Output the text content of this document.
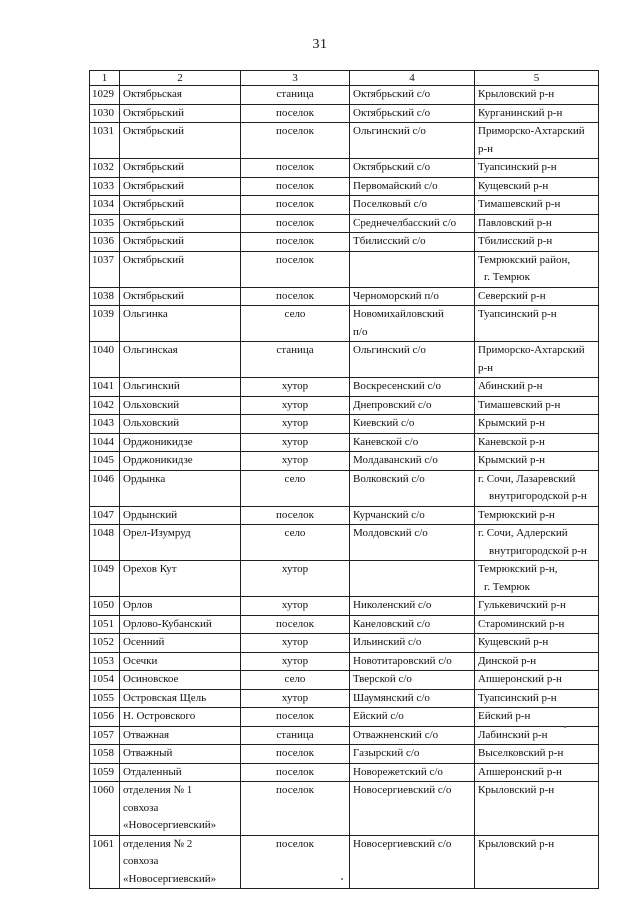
31
1	2	3	4	5
1029	Октябрьская	станица	Октябрьский с/о	Крыловский р-н
1030	Октябрьский	поселок	Октябрьский с/о	Курганинский р-н
1031	Октябрьский	поселок	Ольгинский с/о	Приморско-Ахтарский р-н
1032	Октябрьский	поселок	Октябрьский с/о	Туапсинский р-н
1033	Октябрьский	поселок	Первомайский с/о	Кущевский р-н
1034	Октябрьский	поселок	Поселковый с/о	Тимашевский р-н
1035	Октябрьский	поселок	Среднечелбасский с/о	Павловский р-н
1036	Октябрьский	поселок	Тбилисский с/о	Тбилисский р-н
1037	Октябрьский	поселок		Темрюкский район,
г. Темрюк

1038	Октябрьский	поселок	Черноморский п/о	Северский р-н
1039	Ольгинка	село	Новомихайловский
п/о	Туапсинский р-н
1040	Ольгинская	станица	Ольгинский с/о	Приморско-Ахтарский р-н
1041	Ольгинский	хутор	Воскресенский с/о	Абинский р-н
1042	Ольховский	хутор	Днепровский с/о	Тимашевский р-н
1043	Ольховский	хутор	Киевский с/о	Крымский р-н
1044	Орджоникидзе	хутор	Каневской с/о	Каневской р-н
1045	Орджоникидзе	хутор	Молдаванский с/о	Крымский р-н
1046	Ордынка	село	Волковский с/о	г. Сочи, Лазаревский
внутригородской р-н

1047	Ордынский	поселок	Курчанский с/о	Темрюкский р-н
1048	Орел-Изумруд	село	Молдовский с/о	г. Сочи, Адлерский
внутригородской р-н

1049	Орехов Кут	хутор		Темрюкский р-н,
г. Темрюк

1050	Орлов	хутор	Николенский с/о	Гулькевичский р-н
1051	Орлово-Кубанский	поселок	Канеловский с/о	Староминский р-н
1052	Осенний	хутор	Ильинский с/о	Кущевский р-н
1053	Осечки	хутор	Новотитаровский с/о	Динской р-н
1054	Осиновское	село	Тверской с/о	Апшеронский р-н
1055	Островская Щель	хутор	Шаумянский с/о	Туапсинский р-н
1056	Н. Островского	поселок	Ейский с/о	Ейский р-н
1057	Отважная	станица	Отважненский с/о	Лабинский р-н
1058	Отважный	поселок	Газырский с/о	Выселковский р-н
1059	Отдаленный	поселок	Новорежетский с/о	Апшеронский р-н
1060	отделения № 1
совхоза
«Новосергиевский»	поселок	Новосергиевский с/о	Крыловский р-н
1061	отделения № 2
совхоза
«Новосергиевский»	поселок	Новосергиевский с/о	Крыловский р-н
